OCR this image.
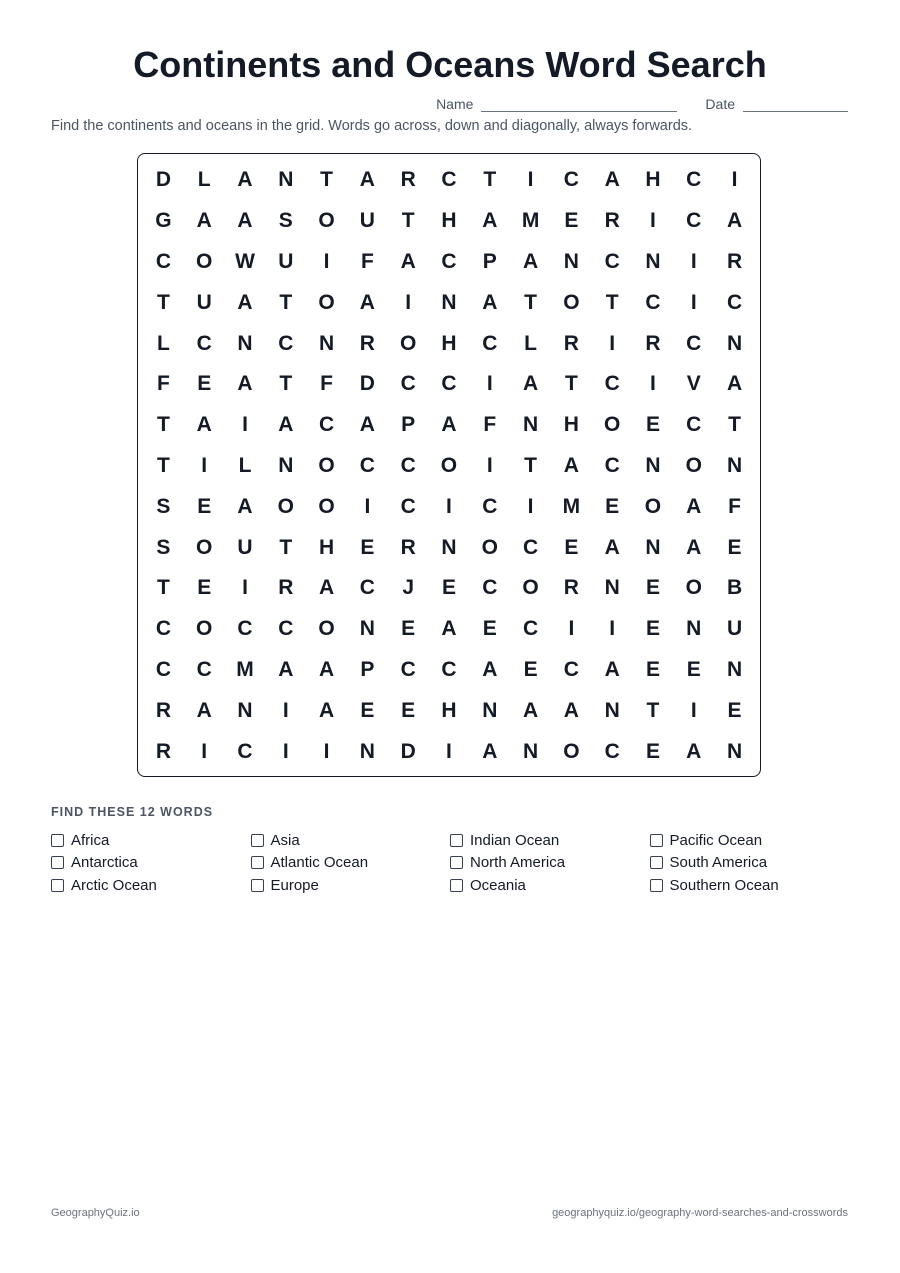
Continents and Oceans Word Search
Name	Date
Find the continents and oceans in the grid. Words go across, down and diagonally, always forwards.
D	L	A	N	T	A	R	C	T	I	C	A	H	C	I
G	A	A	S	O	U	T	H	A	M	E	R	I	C	A
C	O	W	U	I	F	A	C	P	A	N	C	N	I	R
T	U	A	T	O	A	I	N	A	T	O	T	C	I	C
L	C	N	C	N	R	O	H	C	L	R	I	R	C	N
F	E	A	T	F	D	C	C	I	A	T	C	I	V	A
T	A	I	A	C	A	P	A	F	N	H	O	E	C	T
T	I	L	N	O	C	C	O	I	T	A	C	N	O	N
S	E	A	O	O	I	C	I	C	I	M	E	O	A	F
S	O	U	T	H	E	R	N	O	C	E	A	N	A	E
T	E	I	R	A	C	J	E	C	O	R	N	E	O	B
C	O	C	C	O	N	E	A	E	C	I	I	E	N	U
C	C	M	A	A	P	C	C	A	E	C	A	E	E	N
R	A	N	I	A	E	E	H	N	A	A	N	T	I	E
R	I	C	I	I	N	D	I	A	N	O	C	E	A	N
FIND THESE 12 WORDS
Africa
Antarctica
Arctic Ocean
Asia
Atlantic Ocean
Europe
Indian Ocean
North America
Oceania
Pacific Ocean
South America
Southern Ocean
GeographyQuiz.io	geographyquiz.io/geography-word-searches-and-crosswords
